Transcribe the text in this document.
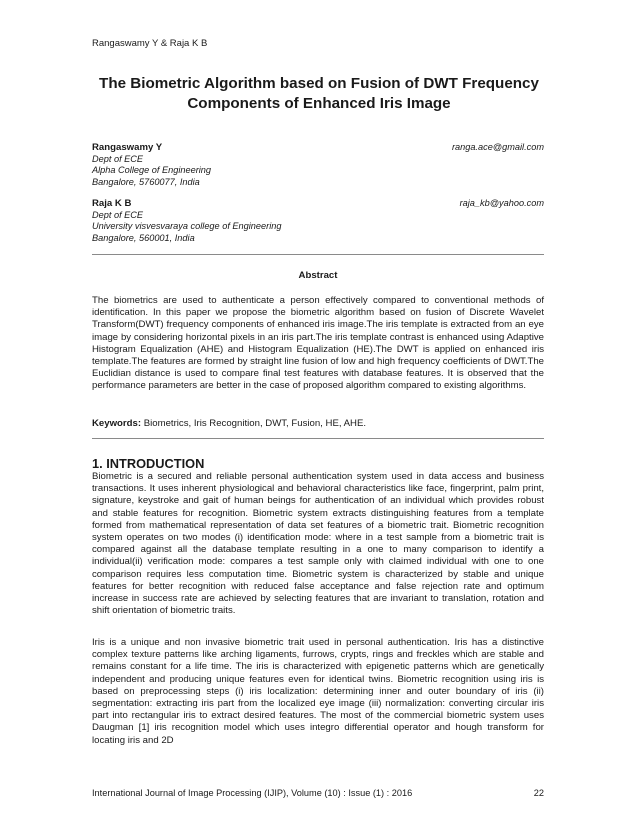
Rangaswamy Y & Raja K B
The Biometric Algorithm based on Fusion of DWT Frequency Components of Enhanced Iris Image
Rangaswamy Y	ranga.ace@gmail.com
Dept of ECE
Alpha College of Engineering
Bangalore, 5760077, India
Raja K B	raja_kb@yahoo.com
Dept of ECE
University visvesvaraya college of Engineering
Bangalore, 560001, India
Abstract

The biometrics are used to authenticate a person effectively compared to conventional methods of identification. In this paper we propose the biometric algorithm based on fusion of Discrete Wavelet Transform(DWT) frequency components of enhanced iris image.The iris template is extracted from an eye image by considering horizontal pixels in an iris part.The iris template contrast is enhanced using Adaptive Histogram Equalization (AHE) and Histogram Equalization (HE).The DWT is applied on enhanced iris template.The features are formed by straight line fusion of low and high frequency coefficients of DWT.The Euclidian distance is used to compare final test features with database features. It is observed that the performance parameters are better in the case of proposed algorithm compared to existing algorithms.

Keywords: Biometrics, Iris Recognition, DWT, Fusion, HE, AHE.
1. INTRODUCTION

Biometric is a secured and reliable personal authentication system used in data access and business transactions. It uses inherent physiological and behavioral characteristics like face, fingerprint, palm print, signature, keystroke and gait of human beings for authentication of an individual which provides robust and stable features for recognition. Biometric system extracts distinguishing features from a template formed from mathematical representation of data set features of a biometric trait. Biometric recognition system operates on two modes (i) identification mode: where in a test sample from a biometric trait is compared against all the database template resulting in a one to many comparison to identify a individual(ii) verification mode: compares a test sample only with claimed individual with one to one comparison requires less computation time. Biometric system is characterized by stable and unique features for better recognition with reduced false acceptance and false rejection rate and optimum increase in success rate are achieved by selecting features that are invariant to translation, rotation and shift orientation of biometric traits.

Iris is a unique and non invasive biometric trait used in personal authentication. Iris has a distinctive complex texture patterns like arching ligaments, furrows, crypts, rings and freckles which are stable and remains constant for a life time. The iris is characterized with epigenetic patterns which are genetically independent and producing unique features even for identical twins. Biometric recognition using iris is based on preprocessing steps (i) iris localization: determining inner and outer boundary of iris (ii) segmentation: extracting iris part from the localized eye image (iii) normalization: converting circular iris part into rectangular iris to extract desired features. The most of the commercial biometric system uses Daugman [1] iris recognition model which uses integro differential operator and hough transform for locating iris and 2D

International Journal of Image Processing (IJIP), Volume (10) : Issue (1) : 2016	22
